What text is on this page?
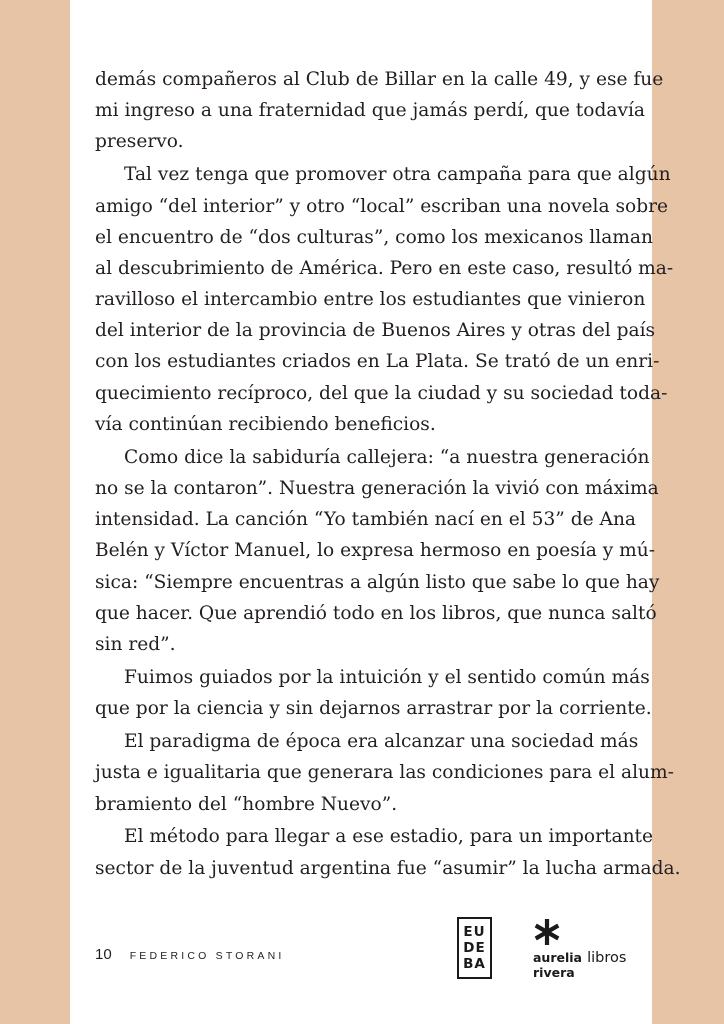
demás compañeros al Club de Billar en la calle 49, y ese fue
mi ingreso a una fraternidad que jamás perdí, que todavía
preservo.
Tal vez tenga que promover otra campaña para que algún
amigo “del interior” y otro “local” escriban una novela sobre
el encuentro de “dos culturas”, como los mexicanos llaman
al descubrimiento de América. Pero en este caso, resultó ma-
ravilloso el intercambio entre los estudiantes que vinieron
del interior de la provincia de Buenos Aires y otras del país
con los estudiantes criados en La Plata. Se trató de un enri-
quecimiento recíproco, del que la ciudad y su sociedad toda-
vía continúan recibiendo beneficios.
Como dice la sabiduría callejera: “a nuestra generación
no se la contaron”. Nuestra generación la vivió con máxima
intensidad. La canción “Yo también nací en el 53” de Ana
Belén y Víctor Manuel, lo expresa hermoso en poesía y mú-
sica: “Siempre encuentras a algún listo que sabe lo que hay
que hacer. Que aprendió todo en los libros, que nunca saltó
sin red”.
Fuimos guiados por la intuición y el sentido común más
que por la ciencia y sin dejarnos arrastrar por la corriente.
El paradigma de época era alcanzar una sociedad más
justa e igualitaria que generara las condiciones para el alum-
bramiento del “hombre Nuevo”.
El método para llegar a ese estadio, para un importante
sector de la juventud argentina fue “asumir” la lucha armada.
10 FEDERICO STORANI
EU
DE
BA	aurelia libros
rivera
